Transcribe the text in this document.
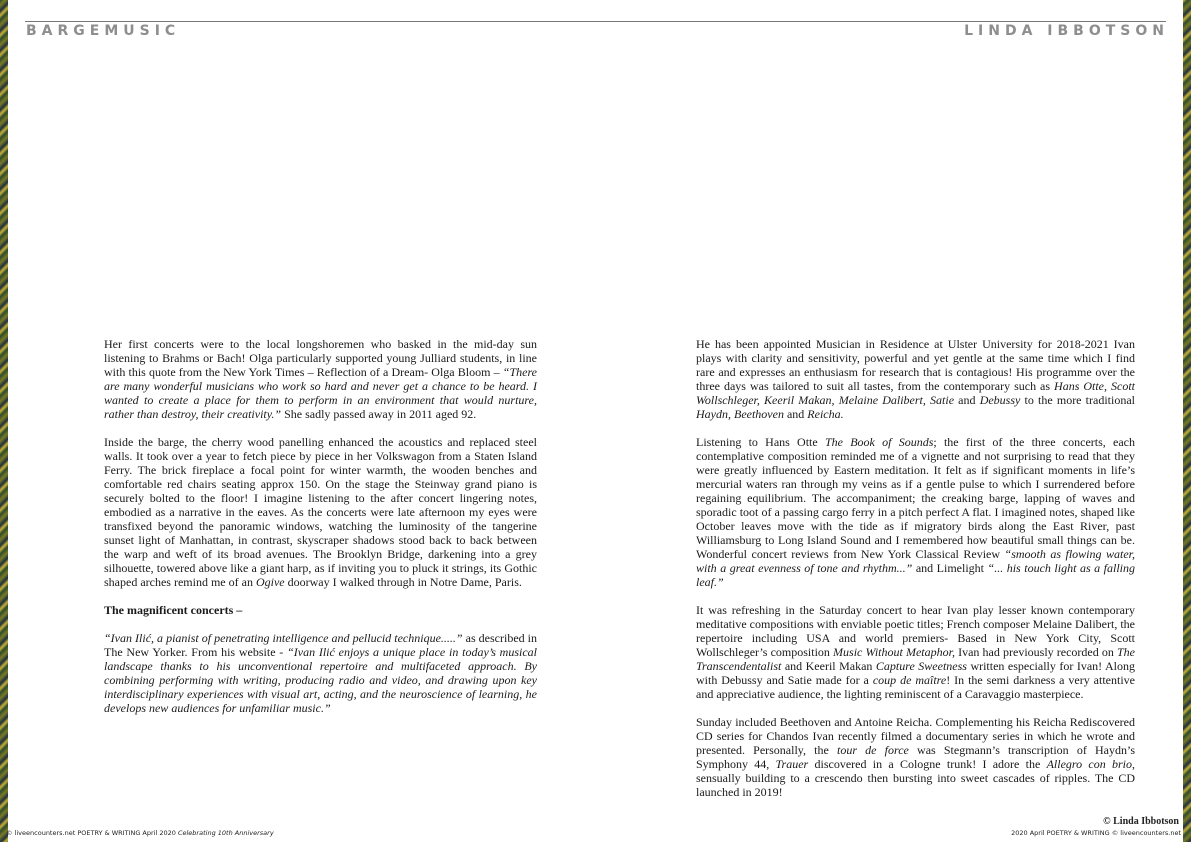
BARGEMUSIC	LINDA IBBOTSON

Her first concerts were to the local longshoremen who basked in the mid-day sun listening to Brahms or Bach! Olga particularly supported young Julliard students, in line with this quote from the New York Times – Reflection of a Dream- Olga Bloom – “There are many wonderful musicians who work so hard and never get a chance to be heard. I wanted to create a place for them to perform in an environment that would nurture, rather than destroy, their creativity.” She sadly passed away in 2011 aged 92.

Inside the barge, the cherry wood panelling enhanced the acoustics and replaced steel walls. It took over a year to fetch piece by piece in her Volkswagon from a Staten Island Ferry. The brick fireplace a focal point for winter warmth, the wooden benches and comfortable red chairs seating approx 150. On the stage the Steinway grand piano is securely bolted to the floor! I imagine listening to the after concert lingering notes, embodied as a narrative in the eaves. As the concerts were late afternoon my eyes were transfixed beyond the panoramic windows, watching the luminosity of the tangerine sunset light of Manhattan, in contrast, skyscraper shadows stood back to back between the warp and weft of its broad avenues. The Brooklyn Bridge, darkening into a grey silhouette, towered above like a giant harp, as if inviting you to pluck it strings, its Gothic shaped arches remind me of an Ogive doorway I walked through in Notre Dame, Paris.

The magnificent concerts –

“Ivan Ilić, a pianist of penetrating intelligence and pellucid technique.....” as described in The New Yorker. From his website - “Ivan Ilić enjoys a unique place in today’s musical landscape thanks to his unconventional repertoire and multifaceted approach. By combining performing with writing, producing radio and video, and drawing upon key interdisciplinary experiences with visual art, acting, and the neuroscience of learning, he develops new audiences for unfamiliar music.”

He has been appointed Musician in Residence at Ulster University for 2018-2021 Ivan plays with clarity and sensitivity, powerful and yet gentle at the same time which I find rare and expresses an enthusiasm for research that is contagious! His programme over the three days was tailored to suit all tastes, from the contemporary such as Hans Otte, Scott Wollschleger, Keeril Makan, Melaine Dalibert, Satie and Debussy to the more traditional Haydn, Beethoven and Reicha.

Listening to Hans Otte The Book of Sounds; the first of the three concerts, each contemplative composition reminded me of a vignette and not surprising to read that they were greatly influenced by Eastern meditation. It felt as if significant moments in life’s mercurial waters ran through my veins as if a gentle pulse to which I surrendered before regaining equilibrium. The accompaniment; the creaking barge, lapping of waves and sporadic toot of a passing cargo ferry in a pitch perfect A flat. I imagined notes, shaped like October leaves move with the tide as if migratory birds along the East River, past Williamsburg to Long Island Sound and I remembered how beautiful small things can be. Wonderful concert reviews from New York Classical Review “smooth as flowing water, with a great evenness of tone and rhythm...” and Limelight “... his touch light as a falling leaf.”

It was refreshing in the Saturday concert to hear Ivan play lesser known contemporary meditative compositions with enviable poetic titles; French composer Melaine Dalibert, the repertoire including USA and world premiers- Based in New York City, Scott Wollschleger’s composition Music Without Metaphor, Ivan had previously recorded on The Transcendentalist and Keeril Makan Capture Sweetness written especially for Ivan! Along with Debussy and Satie made for a coup de maître! In the semi darkness a very attentive and appreciative audience, the lighting reminiscent of a Caravaggio masterpiece.

Sunday included Beethoven and Antoine Reicha. Complementing his Reicha Rediscovered CD series for Chandos Ivan recently filmed a documentary series in which he wrote and presented. Personally, the tour de force was Stegmann’s transcription of Haydn’s Symphony 44, Trauer discovered in a Cologne trunk! I adore the Allegro con brio, sensually building to a crescendo then bursting into sweet cascades of ripples. The CD launched in 2019!

© Linda Ibbotson
© liveencounters.net POETRY & WRITING April 2020 Celebrating 10th Anniversary	2020 April POETRY & WRITING © liveencounters.net
